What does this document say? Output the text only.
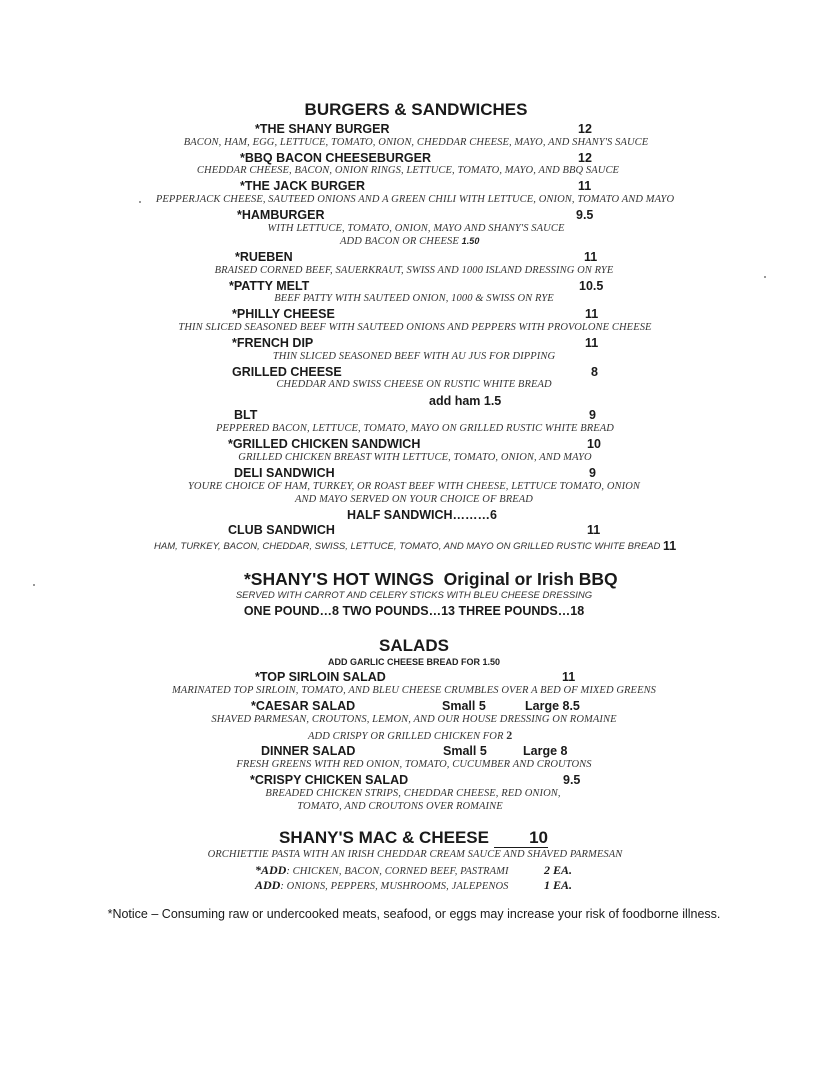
BURGERS & SANDWICHES
*THE SHANY BURGER	12
BACON, HAM, EGG, LETTUCE, TOMATO, ONION, CHEDDAR CHEESE, MAYO, AND SHANY'S SAUCE
*BBQ BACON CHEESEBURGER	12
CHEDDAR CHEESE, BACON, ONION RINGS, LETTUCE, TOMATO, MAYO, AND BBQ SAUCE
*THE JACK BURGER	11
PEPPERJACK CHEESE, SAUTEED ONIONS AND A GREEN CHILI WITH LETTUCE, ONION, TOMATO AND MAYO
*HAMBURGER	9.5
WITH LETTUCE, TOMATO, ONION, MAYO AND SHANY'S SAUCE
ADD BACON OR CHEESE 1.50
*RUEBEN	11
BRAISED CORNED BEEF, SAUERKRAUT, SWISS AND 1000 ISLAND DRESSING ON RYE
*PATTY MELT	10.5
BEEF PATTY WITH SAUTEED ONION, 1000 & SWISS ON RYE
*PHILLY CHEESE	11
THIN SLICED SEASONED BEEF WITH SAUTEED ONIONS AND PEPPERS WITH PROVOLONE CHEESE
*FRENCH DIP	11
THIN SLICED SEASONED BEEF WITH AU JUS FOR DIPPING
GRILLED CHEESE	8
CHEDDAR AND SWISS CHEESE ON RUSTIC WHITE BREAD
add ham 1.5
BLT	9
PEPPERED BACON, LETTUCE, TOMATO, MAYO ON GRILLED RUSTIC WHITE BREAD
*GRILLED CHICKEN SANDWICH	10
GRILLED CHICKEN BREAST WITH LETTUCE, TOMATO, ONION, AND MAYO
DELI SANDWICH	9
YOURE CHOICE OF HAM, TURKEY, OR ROAST BEEF WITH CHEESE, LETTUCE TOMATO, ONION
AND MAYO SERVED ON YOUR CHOICE OF BREAD
HALF SANDWICH………6
CLUB SANDWICH	11
HAM, TURKEY, BACON, CHEDDAR, SWISS, LETTUCE, TOMATO, AND MAYO ON GRILLED RUSTIC WHITE BREAD 11
*SHANY'S HOT WINGS Original or Irish BBQ
SERVED WITH CARROT AND CELERY STICKS WITH BLEU CHEESE DRESSING
ONE POUND…8 TWO POUNDS…13 THREE POUNDS…18
SALADS
ADD GARLIC CHEESE BREAD FOR 1.50
*TOP SIRLOIN SALAD	11
MARINATED TOP SIRLOIN, TOMATO, AND BLEU CHEESE CRUMBLES OVER A BED OF MIXED GREENS
*CAESAR SALAD	Small 5	Large 8.5
SHAVED PARMESAN, CROUTONS, LEMON, AND OUR HOUSE DRESSING ON ROMAINE
ADD CRISPY OR GRILLED CHICKEN FOR 2
DINNER SALAD	Small 5	Large 8
FRESH GREENS WITH RED ONION, TOMATO, CUCUMBER AND CROUTONS
*CRISPY CHICKEN SALAD	9.5
BREADED CHICKEN STRIPS, CHEDDAR CHEESE, RED ONION,
TOMATO, AND CROUTONS OVER ROMAINE
SHANY'S MAC & CHEESE	10
ORCHIETTIE PASTA WITH AN IRISH CHEDDAR CREAM SAUCE AND SHAVED PARMESAN
*ADD: CHICKEN, BACON, CORNED BEEF, PASTRAMI	2 EA.
ADD: ONIONS, PEPPERS, MUSHROOMS, JALEPENOS	1 EA.
*Notice – Consuming raw or undercooked meats, seafood, or eggs may increase your risk of foodborne illness.
